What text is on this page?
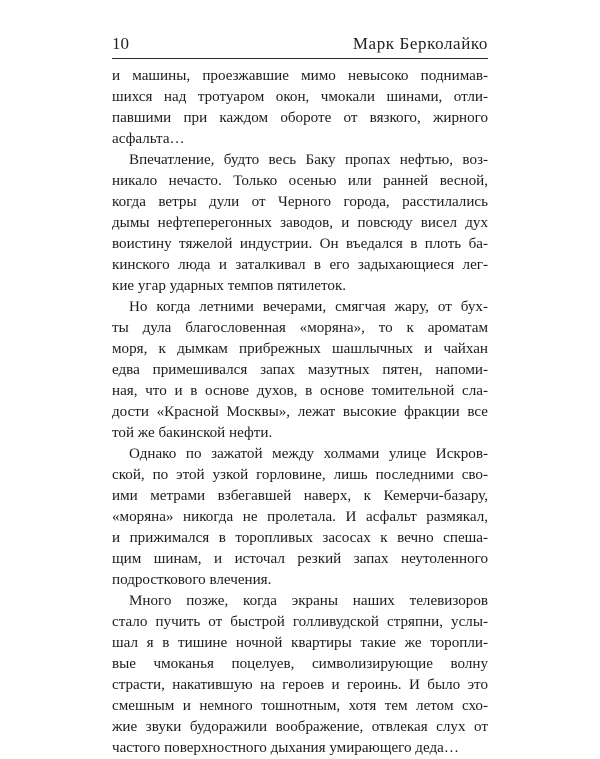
10	Марк Берколайко
и машины, проезжавшие мимо невысоко поднимав-
шихся над тротуаром окон, чмокали шинами, отли-
павшими при каждом обороте от вязкого, жирного
асфальта…
Впечатление, будто весь Баку пропах нефтью, воз-
никало нечасто. Только осенью или ранней весной,
когда ветры дули от Черного города, расстилались
дымы нефтеперегонных заводов, и повсюду висел дух
воистину тяжелой индустрии. Он въедался в плоть ба-
кинского люда и заталкивал в его задыхающиеся лег-
кие угар ударных темпов пятилеток.
Но когда летними вечерами, смягчая жару, от бух-
ты дула благословенная «моряна», то к ароматам
моря, к дымкам прибрежных шашлычных и чайхан
едва примешивался запах мазутных пятен, напоми-
ная, что и в основе духов, в основе томительной сла-
дости «Красной Москвы», лежат высокие фракции все
той же бакинской нефти.
Однако по зажатой между холмами улице Искров-
ской, по этой узкой горловине, лишь последними сво-
ими метрами взбегавшей наверх, к Кемерчи-базару,
«моряна» никогда не пролетала. И асфальт размякал,
и прижимался в торопливых засосах к вечно спеша-
щим шинам, и источал резкий запах неутоленного
подросткового влечения.
Много позже, когда экраны наших телевизоров
стало пучить от быстрой голливудской стряпни, услы-
шал я в тишине ночной квартиры такие же торопли-
вые чмоканья поцелуев, символизирующие волну
страсти, накатившую на героев и героинь. И было это
смешным и немного тошнотным, хотя тем летом схо-
жие звуки будоражили воображение, отвлекая слух от
частого поверхностного дыхания умирающего деда…
